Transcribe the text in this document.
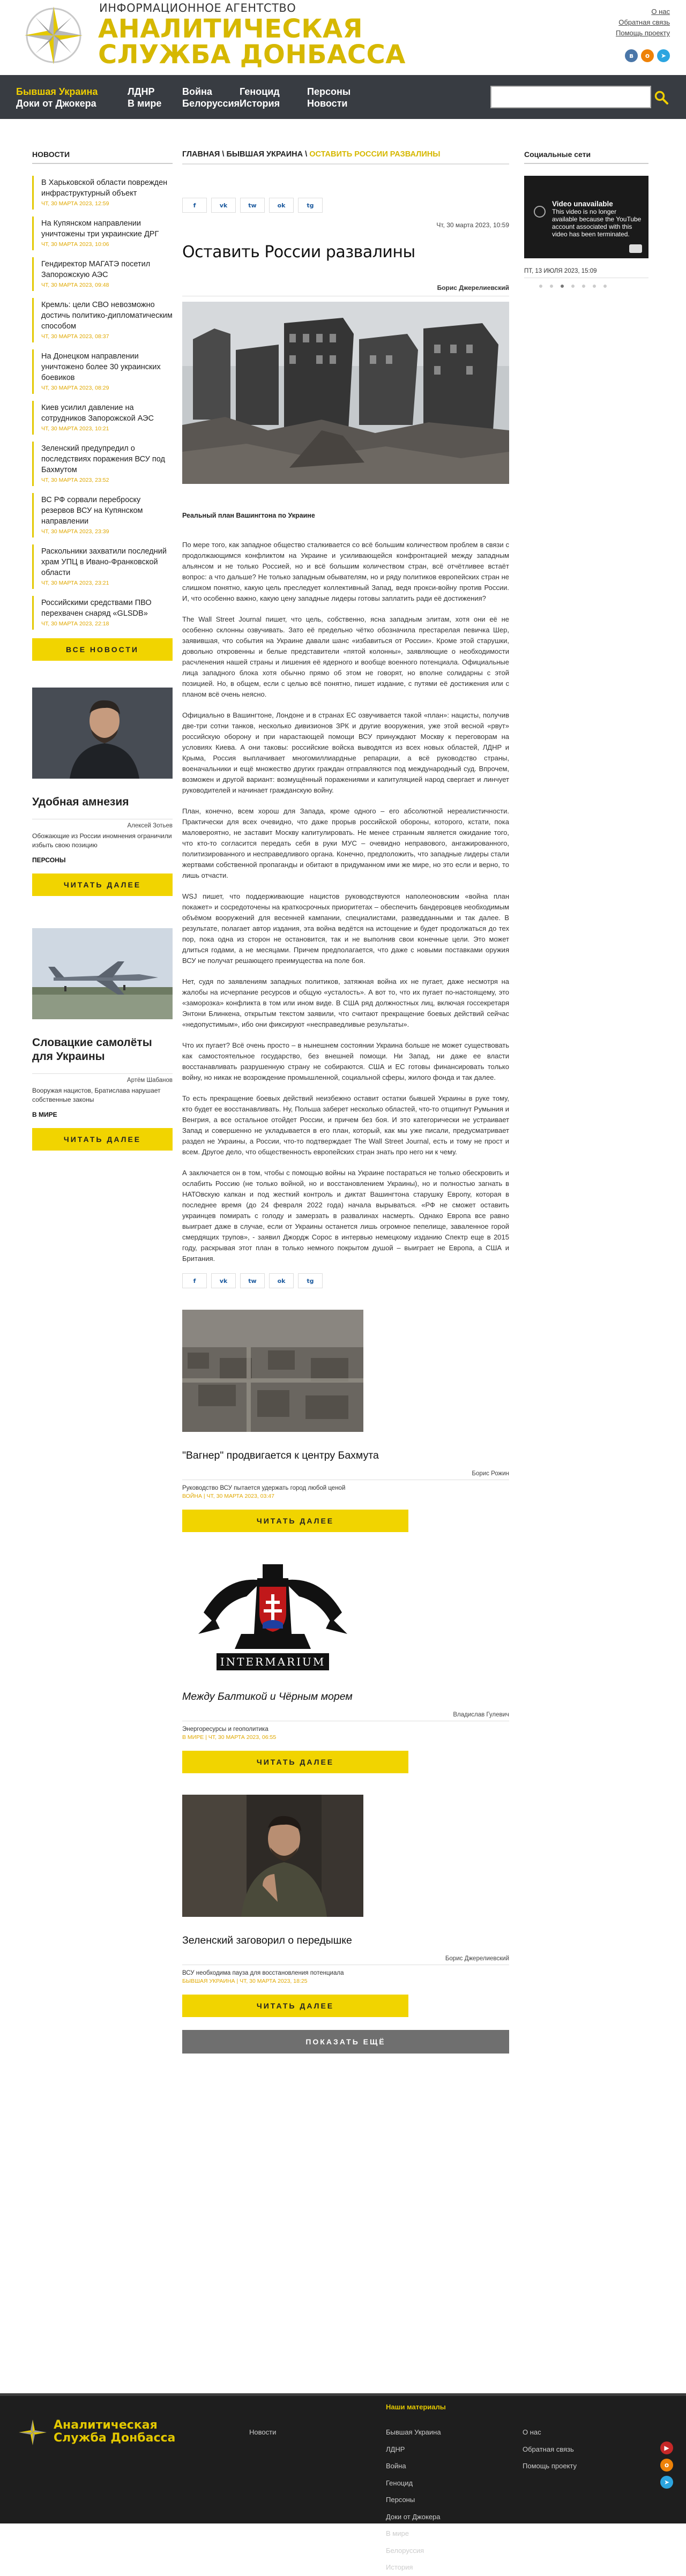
ИНФОРМАЦИОННОЕ АГЕНТСТВО
АНАЛИТИЧЕСКАЯ
СЛУЖБА ДОНБАССА
О нас
Обратная связь
Помощь проекту
в	о	➤
Бывшая Украина
Доки от Джокера
ЛДНР
В мире
Война
Белоруссия
Геноцид
История
Персоны
Новости
НОВОСТИ
В Харьковской области поврежден инфраструктурный объект
ЧТ, 30 МАРТА 2023, 12:59
На Купянском направлении уничтожены три украинские ДРГ
ЧТ, 30 МАРТА 2023, 10:06
Гендиректор МАГАТЭ посетил Запорожскую АЭС
ЧТ, 30 МАРТА 2023, 09:48
Кремль: цели СВО невозможно достичь политико-дипломатическим способом
ЧТ, 30 МАРТА 2023, 08:37
На Донецком направлении уничтожено более 30 украинских боевиков
ЧТ, 30 МАРТА 2023, 08:29
Киев усилил давление на сотрудников Запорожской АЭС
ЧТ, 30 МАРТА 2023, 10:21
Зеленский предупредил о последствиях поражения ВСУ под Бахмутом
ЧТ, 30 МАРТА 2023, 23:52
ВС РФ сорвали переброску резервов ВСУ на Купянском направлении
ЧТ, 30 МАРТА 2023, 23:39
Раскольники захватили последний храм УПЦ в Ивано-Франковской области
ЧТ, 30 МАРТА 2023, 23:21
Российскими средствами ПВО перехвачен снаряд «GLSDB»
ЧТ, 30 МАРТА 2023, 22:18
ВСЕ НОВОСТИ
Удобная амнезия
Алексей Зотьев
Обожающие из России иномнения ограничили избыть свою позицию
ПЕРСОНЫ
ЧИТАТЬ ДАЛЕЕ
Словацкие самолёты для Украины
Артём Шабанов
Вооружая нацистов, Братислава нарушает собственные законы
В МИРЕ
ЧИТАТЬ ДАЛЕЕ
ГЛАВНАЯ \ БЫВШАЯ УКРАИНА \ ОСТАВИТЬ РОССИИ РАЗВАЛИНЫ
f	vk	tw	ok	tg
Чт, 30 марта 2023, 10:59
Оставить России развалины
Борис Джерелиевский
Реальный план Вашингтона по Украине

По мере того, как западное общество сталкивается со всё большим количеством проблем в связи с продолжающимся конфликтом на Украине и усиливающейся конфронтацией между западным альянсом и не только Россией, но и всё большим количеством стран, всё отчётливее встаёт вопрос: а что дальше? Не только западным обывателям, но и ряду политиков европейских стран не слишком понятно, какую цель преследует коллективный Запад, ведя прокси-войну против России. И, что особенно важно, какую цену западные лидеры готовы заплатить ради её достижения?

The Wall Street Journal пишет, что цель, собственно, ясна западным элитам, хотя они её не особенно склонны озвучивать. Зато её предельно чётко обозначила престарелая певичка Шер, заявившая, что события на Украине давали шанс «избавиться от России». Кроме этой старушки, довольно откровенны и белые представители «пятой колонны», заявляющие о необходимости расчленения нашей страны и лишения её ядерного и вообще военного потенциала. Официальные лица западного блока хотя обычно прямо об этом не говорят, но вполне солидарны с этой позицией. Но, в общем, если с целью всё понятно, пишет издание, с путями её достижения или с планом всё очень неясно.

Официально в Вашингтоне, Лондоне и в странах ЕС озвучивается такой «план»: нацисты, получив две-три сотни танков, несколько дивизионов ЗРК и другие вооружения, уже этой весной «рвут» российскую оборону и при нарастающей помощи ВСУ принуждают Москву к переговорам на условиях Киева. А они таковы: российские войска выводятся из всех новых областей, ЛДНР и Крыма, Россия выплачивает многомиллиардные репарации, а всё руководство страны, военачальники и ещё множество других граждан отправляются под международный суд. Впрочем, возможен и другой вариант: возмущённый поражениями и капитуляцией народ свергает и линчует руководителей и начинает гражданскую войну.

План, конечно, всем хорош для Запада, кроме одного – его абсолютной нереалистичности. Практически для всех очевидно, что даже прорыв российской обороны, которого, кстати, пока маловероятно, не заставит Москву капитулировать. Не менее странным является ожидание того, что кто-то согласится передать себя в руки МУС – очевидно неправового, ангажированного, политизированного и несправедливого органа. Конечно, предположить, что западные лидеры стали жертвами собственной пропаганды и обитают в придуманном ими же мире, но это если и верно, то лишь отчасти.

WSJ пишет, что поддерживающие нацистов руководствуются наполеоновским «война план покажет» и сосредоточены на краткосрочных приоритетах – обеспечить бандеровцев необходимым объёмом вооружений для весенней кампании, специалистами, разведданными и так далее. В результате, полагает автор издания, эта война ведётся на истощение и будет продолжаться до тех пор, пока одна из сторон не остановится, так и не выполнив свои конечные цели. Это может длиться годами, а не месяцами. Причем предполагается, что даже с новыми поставками оружия ВСУ не получат решающего преимущества на поле боя.

Нет, судя по заявлениям западных политиков, затяжная война их не пугает, даже несмотря на жалобы на исчерпание ресурсов и общую «усталость». А вот то, что их пугает по-настоящему, это «заморозка» конфликта в том или ином виде. В США ряд должностных лиц, включая госсекретаря Энтони Блинкена, открытым текстом заявили, что считают прекращение боевых действий сейчас «недопустимым», ибо они фиксируют «несправедливые результаты».

Что их пугает? Всё очень просто – в нынешнем состоянии Украина больше не может существовать как самостоятельное государство, без внешней помощи. Ни Запад, ни даже ее власти восстанавливать разрушенную страну не собираются. США и ЕС готовы финансировать только войну, но никак не возрождение промышленной, социальной сферы, жилого фонда и так далее.

То есть прекращение боевых действий неизбежно оставит остатки бывшей Украины в руке тому, кто будет ее восстанавливать. Ну, Польша заберет несколько областей, что-то отщипнут Румыния и Венгрия, а все остальное отойдет России, и причем без боя. И это категорически не устраивает Запад и совершенно не укладывается в его план, который, как мы уже писали, предусматривает раздел не Украины, а России, что-то подтверждает The Wall Street Journal, есть и тому не прост и всем. Другое дело, что общественность европейских стран знать про него ни к чему.

А заключается он в том, чтобы с помощью войны на Украине постараться не только обескровить и ослабить Россию (не только войной, но и восстановлением Украины), но и полностью загнать в НАТОвскую капкан и под жесткий контроль и диктат Вашингтона старушку Европу, которая в последнее время (до 24 февраля 2022 года) начала вырываться. «РФ не сможет оставить украинцев помирать с голоду и замерзать в развалинах насмерть. Однако Европа все равно выиграет даже в случае, если от Украины останется лишь огромное пепелище, заваленное горой смердящих трупов», - заявил Джордж Сорос в интервью немецкому изданию Спектр еще в 2015 году, раскрывая этот план в только немного покрытом душой – выиграет не Европа, а США и Британия.

f	vk	tw	ok	tg
"Вагнер" продвигается к центру Бахмута
Борис Рожин
Руководство ВСУ пытается удержать город любой ценой
ВОЙНА | ЧТ, 30 МАРТА 2023, 03:47
ЧИТАТЬ ДАЛЕЕ
INTERMARIUM
Между Балтикой и Чёрным морем
Владислав Гулевич
Энергоресурсы и геополитика
В МИРЕ | ЧТ, 30 МАРТА 2023, 06:55
ЧИТАТЬ ДАЛЕЕ
Зеленский заговорил о передышке
Борис Джерелиевский
ВСУ необходима пауза для восстановления потенциала
БЫВШАЯ УКРАИНА | ЧТ, 30 МАРТА 2023, 18:25
ЧИТАТЬ ДАЛЕЕ
ПОКАЗАТЬ ЕЩЁ
Социальные сети
Video unavailable
This video is no longer available because the YouTube account associated with this video has been terminated.
ПТ, 13 ИЮЛЯ 2023, 15:09
Аналитическая
Служба Донбасса
Наши материалы
Новости	Бывшая Украина
ЛДНР
Война
Геноцид
Персоны
Доки от Джокера
В мире
Белоруссия
История
О нас
Обратная связь
Помощь проекту
▶
о
➤
